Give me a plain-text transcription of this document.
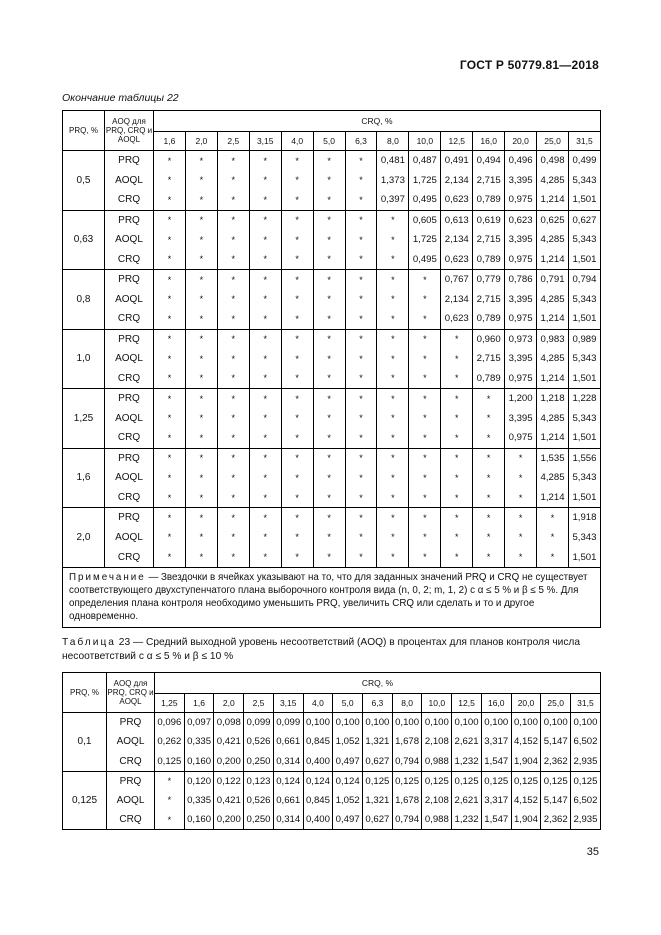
ГОСТ Р 50779.81—2018
Окончание таблицы 22
PRQ, %	AOQ для PRQ, CRQ и AOQL	CRQ, %													
		1,6	2,0	2,5	3,15	4,0	5,0	6,3	8,0	10,0	12,5	16,0	20,0	25,0	31,5
0,5	PRQ	*	*	*	*	*	*	*	0,481	0,487	0,491	0,494	0,496	0,498	0,499
	AOQL	*	*	*	*	*	*	*	1,373	1,725	2,134	2,715	3,395	4,285	5,343
	CRQ	*	*	*	*	*	*	*	0,397	0,495	0,623	0,789	0,975	1,214	1,501
0,63	PRQ	*	*	*	*	*	*	*	*	0,605	0,613	0,619	0,623	0,625	0,627
	AOQL	*	*	*	*	*	*	*	*	1,725	2,134	2,715	3,395	4,285	5,343
	CRQ	*	*	*	*	*	*	*	*	0,495	0,623	0,789	0,975	1,214	1,501
0,8	PRQ	*	*	*	*	*	*	*	*	*	0,767	0,779	0,786	0,791	0,794
	AOQL	*	*	*	*	*	*	*	*	*	2,134	2,715	3,395	4,285	5,343
	CRQ	*	*	*	*	*	*	*	*	*	0,623	0,789	0,975	1,214	1,501
1,0	PRQ	*	*	*	*	*	*	*	*	*	*	0,960	0,973	0,983	0,989
	AOQL	*	*	*	*	*	*	*	*	*	*	2,715	3,395	4,285	5,343
	CRQ	*	*	*	*	*	*	*	*	*	*	0,789	0,975	1,214	1,501
1,25	PRQ	*	*	*	*	*	*	*	*	*	*	*	1,200	1,218	1,228
	AOQL	*	*	*	*	*	*	*	*	*	*	*	3,395	4,285	5,343
	CRQ	*	*	*	*	*	*	*	*	*	*	*	0,975	1,214	1,501
1,6	PRQ	*	*	*	*	*	*	*	*	*	*	*	*	1,535	1,556
	AOQL	*	*	*	*	*	*	*	*	*	*	*	*	4,285	5,343
	CRQ	*	*	*	*	*	*	*	*	*	*	*	*	1,214	1,501
2,0	PRQ	*	*	*	*	*	*	*	*	*	*	*	*	*	1,918
	AOQL	*	*	*	*	*	*	*	*	*	*	*	*	*	5,343
	CRQ	*	*	*	*	*	*	*	*	*	*	*	*	*	1,501
Примечание — Звездочки в ячейках указывают на то, что для заданных значений PRQ и CRQ не существует соответствующего двухступенчатого плана выборочного контроля вида (n, 0, 2; m, 1, 2) с α ≤ 5 % и β ≤ 5 %. Для определения плана контроля необходимо уменьшить PRQ, увеличить CRQ или сделать и то и другое одновременно.															
Таблица 23 — Средний выходной уровень несоответствий (AOQ) в процентах для планов контроля числа несоответствий с α ≤ 5 % и β ≤ 10 %
PRQ, %	AOQ для PRQ, CRQ и AOQL	CRQ, %														
		1,25	1,6	2,0	2,5	3,15	4,0	5,0	6,3	8,0	10,0	12,5	16,0	20,0	25,0	31,5
0,1	PRQ	0,096	0,097	0,098	0,099	0,099	0,100	0,100	0,100	0,100	0,100	0,100	0,100	0,100	0,100	0,100
	AOQL	0,262	0,335	0,421	0,526	0,661	0,845	1,052	1,321	1,678	2,108	2,621	3,317	4,152	5,147	6,502
	CRQ	0,125	0,160	0,200	0,250	0,314	0,400	0,497	0,627	0,794	0,988	1,232	1,547	1,904	2,362	2,935
0,125	PRQ	*	0,120	0,122	0,123	0,124	0,124	0,124	0,125	0,125	0,125	0,125	0,125	0,125	0,125	0,125
	AOQL	*	0,335	0,421	0,526	0,661	0,845	1,052	1,321	1,678	2,108	2,621	3,317	4,152	5,147	6,502
	CRQ	*	0,160	0,200	0,250	0,314	0,400	0,497	0,627	0,794	0,988	1,232	1,547	1,904	2,362	2,935
35
